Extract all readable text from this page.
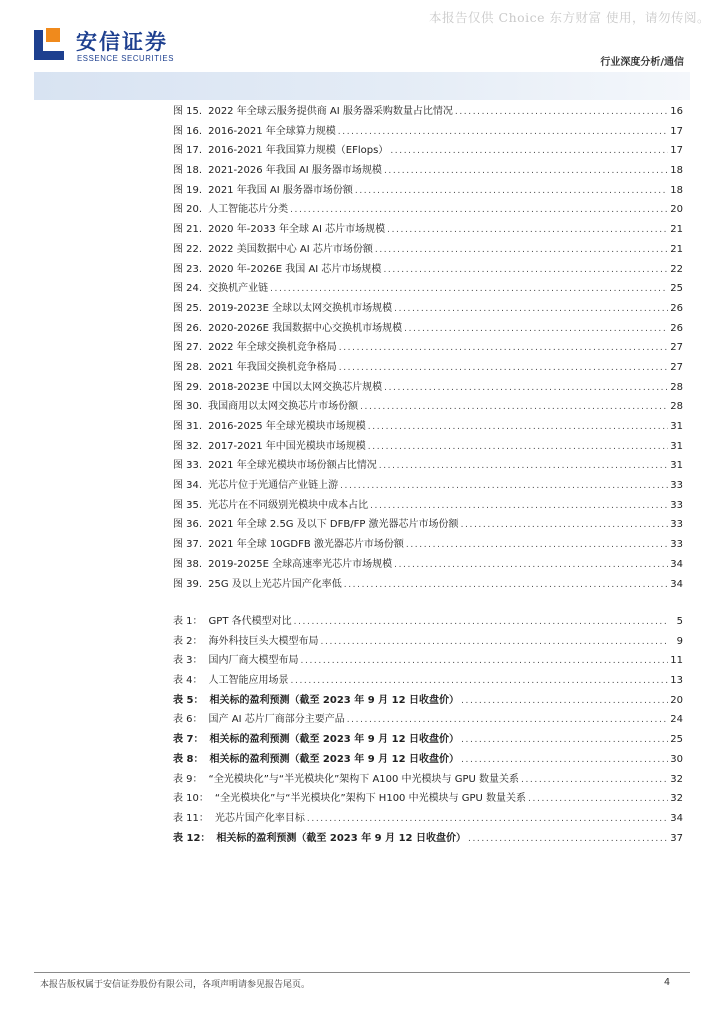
本报告仅供 Choice 东方财富 使用，请勿传阅。
安信证券
ESSENCE SECURITIES	行业深度分析/通信
图 15. 2022 年全球云服务提供商 AI 服务器采购数量占比情况 .....	16
图 16. 2016-2021 年全球算力规模 .....	17
图 17. 2016-2021 年我国算力规模（EFlops） .....	17
图 18. 2021-2026 年我国 AI 服务器市场规模 .....	18
图 19. 2021 年我国 AI 服务器市场份额 .....	18
图 20. 人工智能芯片分类 .....	20
图 21. 2020 年-2033 年全球 AI 芯片市场规模 .....	21
图 22. 2022 美国数据中心 AI 芯片市场份额 .....	21
图 23. 2020 年-2026E 我国 AI 芯片市场规模 .....	22
图 24. 交换机产业链 .....	25
图 25. 2019-2023E 全球以太网交换机市场规模 .....	26
图 26. 2020-2026E 我国数据中心交换机市场规模 .....	26
图 27. 2022 年全球交换机竞争格局 .....	27
图 28. 2021 年我国交换机竞争格局 .....	27
图 29. 2018-2023E 中国以太网交换芯片规模 .....	28
图 30. 我国商用以太网交换芯片市场份额 .....	28
图 31. 2016-2025 年全球光模块市场规模 .....	31
图 32. 2017-2021 年中国光模块市场规模 .....	31
图 33. 2021 年全球光模块市场份额占比情况 .....	31
图 34. 光芯片位于光通信产业链上游 .....	33
图 35. 光芯片在不同级别光模块中成本占比 .....	33
图 36. 2021 年全球 2.5G 及以下 DFB/FP 激光器芯片市场份额 .....	33
图 37. 2021 年全球 10GDFB 激光器芯片市场份额 .....	33
图 38. 2019-2025E 全球高速率光芯片市场规模 .....	34
图 39. 25G 及以上光芯片国产化率低 .....	34
表 1： GPT 各代模型对比 .....	5
表 2： 海外科技巨头大模型布局 .....	9
表 3： 国内厂商大模型布局 .....	11
表 4： 人工智能应用场景 .....	13
表 5： 相关标的盈利预测（截至 2023 年 9 月 12 日收盘价） .....	20
表 6： 国产 AI 芯片厂商部分主要产品 .....	24
表 7： 相关标的盈利预测（截至 2023 年 9 月 12 日收盘价） .....	25
表 8： 相关标的盈利预测（截至 2023 年 9 月 12 日收盘价） .....	30
表 9： “全光模块化”与“半光模块化”架构下 A100 中光模块与 GPU 数量关系 .....	32
表 10： “全光模块化”与“半光模块化”架构下 H100 中光模块与 GPU 数量关系 .....	32
表 11： 光芯片国产化率目标 .....	34
表 12： 相关标的盈利预测（截至 2023 年 9 月 12 日收盘价） .....	37
本报告版权属于安信证券股份有限公司，各项声明请参见报告尾页。	4
